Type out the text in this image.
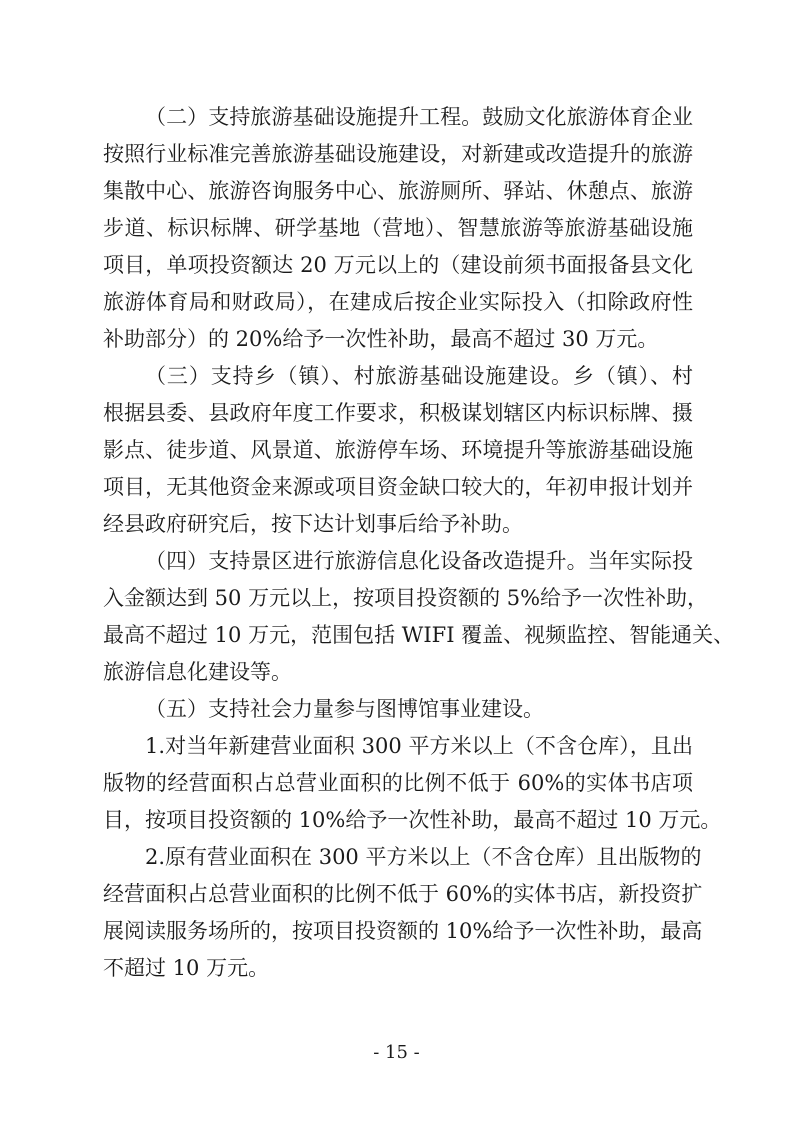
（二）支持旅游基础设施提升工程。鼓励文化旅游体育企业
按照行业标准完善旅游基础设施建设，对新建或改造提升的旅游
集散中心、旅游咨询服务中心、旅游厕所、驿站、休憩点、旅游
步道、标识标牌、研学基地（营地）、智慧旅游等旅游基础设施
项目，单项投资额达 20 万元以上的（建设前须书面报备县文化
旅游体育局和财政局），在建成后按企业实际投入（扣除政府性
补助部分）的 20%给予一次性补助，最高不超过 30 万元。
（三）支持乡（镇）、村旅游基础设施建设。乡（镇）、村
根据县委、县政府年度工作要求，积极谋划辖区内标识标牌、摄
影点、徒步道、风景道、旅游停车场、环境提升等旅游基础设施
项目，无其他资金来源或项目资金缺口较大的，年初申报计划并
经县政府研究后，按下达计划事后给予补助。
（四）支持景区进行旅游信息化设备改造提升。当年实际投
入金额达到 50 万元以上，按项目投资额的 5%给予一次性补助，
最高不超过 10 万元，范围包括 WIFI 覆盖、视频监控、智能通关、
旅游信息化建设等。
（五）支持社会力量参与图博馆事业建设。
1.对当年新建营业面积 300 平方米以上（不含仓库），且出
版物的经营面积占总营业面积的比例不低于 60%的实体书店项
目，按项目投资额的 10%给予一次性补助，最高不超过 10 万元。
2.原有营业面积在 300 平方米以上（不含仓库）且出版物的
经营面积占总营业面积的比例不低于 60%的实体书店，新投资扩
展阅读服务场所的，按项目投资额的 10%给予一次性补助，最高
不超过 10 万元。
- 15 -
